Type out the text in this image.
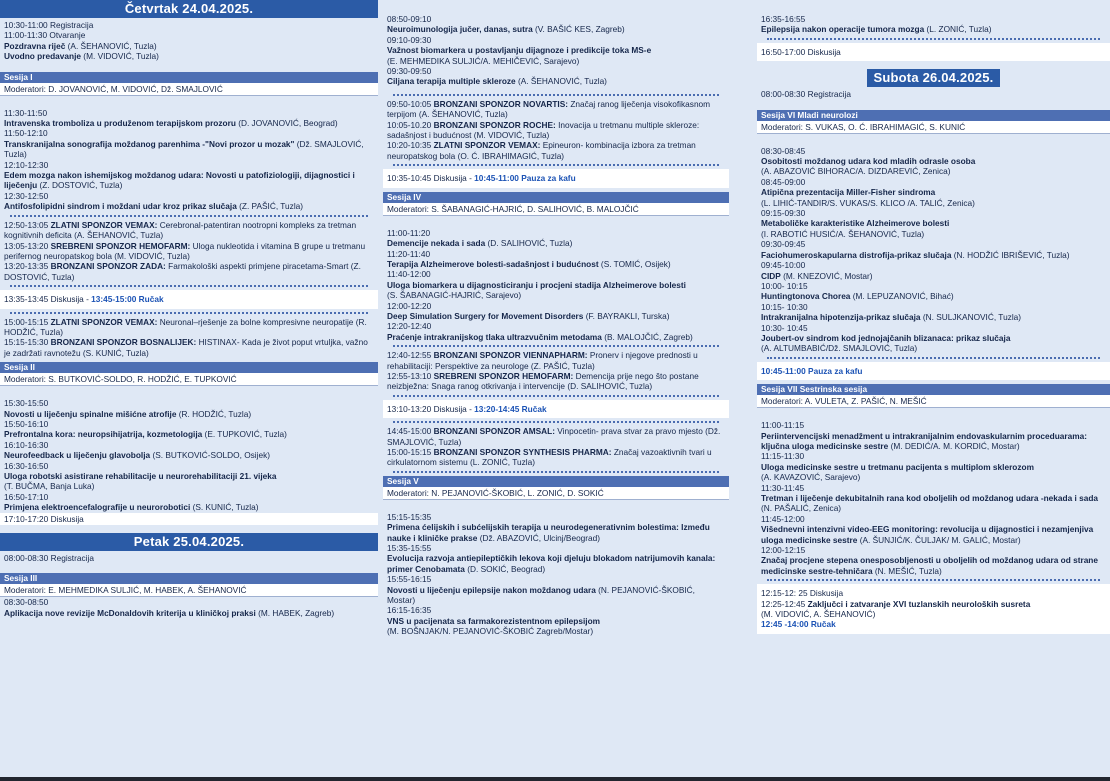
Četvrtak 24.04.2025.

10:30-11:00 Registracija

11:00-11:30 Otvaranje

Pozdravna riječ (A. ŠEHANOVIĆ, Tuzla)

Uvodno predavanje (M. VIDOVIĆ, Tuzla)

Sesija I
Moderatori: D. JOVANOVIĆ, M. VIDOVIĆ, Dž. SMAJLOVIĆ

11:30-11:50

Intravenska tromboliza u produženom terapijskom prozoru (D. JOVANOVIĆ, Beograd)

11:50-12:10

Transkranijalna sonografija moždanog parenhima -"Novi prozor u mozak" (Dž. SMAJLOVIĆ, Tuzla)

12:10-12:30

Edem mozga nakon ishemijskog moždanog udara: Novosti u patofiziologiji, dijagnostici i liječenju (Z. DOSTOVIĆ, Tuzla)

12:30-12:50

Antifosfolipidni sindrom i moždani udar kroz prikaz slučaja (Z. PAŠIĆ, Tuzla)

12:50-13:05 ZLATNI SPONZOR VEMAX: Cerebronal-patentiran nootropni kompleks za tretman kognitivnih deficita (A. ŠEHANOVIĆ, Tuzla)

13:05-13:20 SREBRENI SPONZOR HEMOFARM: Uloga nukleotida i vitamina B grupe u tretmanu perifernog neuropatskog bola (M. VIDOVIĆ, Tuzla)

13:20-13:35 BRONZANI SPONZOR ZADA: Farmakološki aspekti primjene piracetama-Smart (Z. DOSTOVIĆ, Tuzla)

13:35-13:45 Diskusija - 13:45-15:00 Ručak

15:00-15:15 ZLATNI SPONZOR VEMAX: Neuronal–rješenje za bolne kompresivne neuropatije (R. HODŽIĆ, Tuzla)

15:15-15:30 BRONZANI SPONZOR BOSNALIJEK: HISTINAX- Kada je život poput vrtuljka, važno je zadržati ravnotežu (S. KUNIĆ, Tuzla)

Sesija II
Moderatori: S. BUTKOVIĆ-SOLDO, R. HODŽIĆ, E. TUPKOVIĆ

15:30-15:50

Novosti u liječenju spinalne mišićne atrofije (R. HODŽIĆ, Tuzla)

15:50-16:10

Prefrontalna kora: neuropsihijatrija, kozmetologija (E. TUPKOVIĆ, Tuzla)

16:10-16:30

Neurofeedback u liječenju glavobolja (S. BUTKOVIĆ-SOLDO, Osijek)

16:30-16:50

Uloga robotski asistirane rehabilitacije u neurorehabilitaciji 21. vijeka

(T. BUČMA, Banja Luka)

16:50-17:10

Primjena elektroencefalografije u neurorobotici (S. KUNIĆ, Tuzla)

17:10-17:20 Diskusija
Petak 25.04.2025.
08:00-08:30 Registracija
Sesija III
Moderatori: E. MEHMEDIKA SULJIĆ, M. HABEK, A. ŠEHANOVIĆ

08:30-08:50

Aplikacija nove revizije McDonaldovih kriterija u kliničkoj praksi (M. HABEK, Zagreb)

08:50-09:10

Neuroimunologija jučer, danas, sutra (V. BAŠIĆ KES, Zagreb)

09:10-09:30

Važnost biomarkera u postavljanju dijagnoze i predikcije toka MS-e

(E. MEHMEDIKA SULJIĆ/A. MEHIČEVIĆ, Sarajevo)

09:30-09:50

Ciljana terapija multiple skleroze (A. ŠEHANOVIĆ, Tuzla)

09:50-10:05 BRONZANI SPONZOR NOVARTIS: Značaj ranog liječenja visokofikasnom terpijom (A. ŠEHANOVIĆ, Tuzla)

10:05-10.20 BRONZANI SPONZOR ROCHE: Inovacija u tretmanu multiple skleroze: sadašnjost i budućnost (M. VIDOVIĆ, Tuzla)

10:20-10:35 ZLATNI SPONZOR VEMAX: Epineuron- kombinacija izbora za tretman neuropatskog bola (O. Ć. IBRAHIMAGIĆ, Tuzla)

10:35-10:45 Diskusija - 10:45-11:00 Pauza za kafu
Sesija IV
Moderatori: S. ŠABANAGIĆ-HAJRIĆ, D. SALIHOVIĆ, B. MALOJČIĆ

11:00-11:20

Demencije nekada i sada (D. SALIHOVIĆ, Tuzla)

11:20-11:40

Terapija Alzheimerove bolesti-sadašnjost i budućnost (S. TOMIĆ, Osijek)

11:40-12:00

Uloga biomarkera u dijagnosticiranju i procjeni stadija Alzheimerove bolesti

(S. ŠABANAGIĆ-HAJRIĆ, Sarajevo)

12:00-12:20

Deep Simulation Surgery for Movement Disorders (F. BAYRAKLI, Turska)

12:20-12:40

Praćenje intrakranijskog tlaka ultrazvučnim metodama (B. MALOJČIĆ, Zagreb)

12:40-12:55 BRONZANI SPONZOR VIENNAPHARM: Pronerv i njegove prednosti u rehabilitaciji: Perspektive za neurologe (Z. PAŠIĆ, Tuzla)

12:55-13:10 SREBRENI SPONZOR HEMOFARM: Demencija prije nego što postane neizbježna: Snaga ranog otkrivanja i intervencije (D. SALIHOVIĆ, Tuzla)

13:10-13:20 Diskusija - 13:20-14:45 Ručak

14:45-15:00 BRONZANI SPONZOR AMSAL: Vinpocetin- prava stvar za pravo mjesto (Dž. SMAJLOVIĆ, Tuzla)

15:00-15:15 BRONZANI SPONZOR SYNTHESIS PHARMA: Značaj vazoaktivnih tvari u cirkulatornom sistemu (L. ZONIĆ, Tuzla)

Sesija V
Moderatori: N. PEJANOVIĆ-ŠKOBIĆ, L. ZONIĆ, D. SOKIĆ

15:15-15:35

Primena ćelijskih i subćelijskih terapija u neurodegenerativnim bolestima: Između nauke i kliničke prakse (Dž. ABAZOVIĆ, Ulcinj/Beograd)

15:35-15:55

Evolucija razvoja antiepileptičkih lekova koji djeluju blokadom natrijumovih kanala: primer Cenobamata (D. SOKIĆ, Beograd)

15:55-16:15

Novosti u liječenju epilepsije nakon moždanog udara (N. PEJANOVIĆ-ŠKOBIĆ, Mostar)

16:15-16:35

VNS u pacijenata sa farmakorezistentnom epilepsijom

(M. BOŠNJAK/N. PEJANOVIĆ-ŠKOBIĆ Zagreb/Mostar)

16:35-16:55

Epilepsija nakon operacije tumora mozga (L. ZONIĆ, Tuzla)

16:50-17:00 Diskusija
Subota 26.04.2025.
08:00-08:30 Registracija
Sesija VI Mladi neurolozi
Moderatori: S. VUKAS, O. Ć. IBRAHIMAGIĆ, S. KUNIĆ

08:30-08:45

Osobitosti moždanog udara kod mladih odrasle osoba

(A. ABAZOVIĆ BIHORAC/A. DIZDAREVIĆ, Zenica)

08:45-09:00

Atipična prezentacija Miller-Fisher sindroma

(L. LIHIĆ-TANDIR/S. VUKAS/S. KLICO /A. TALIĆ, Zenica)

09:15-09:30

Metaboličke karakteristike Alzheimerove bolesti

(I. RABOTIĆ HUSIĆ/A. ŠEHANOVIĆ, Tuzla)

09:30-09:45

Faciohumeroskapularna distrofija-prikaz slučaja (N. HODŽIĆ IBRIŠEVIĆ, Tuzla)

09:45-10:00

CIDP (M. KNEZOVIĆ, Mostar)

10:00- 10:15

Huntingtonova Chorea (M. LEPUZANOVIĆ, Bihać)

10:15- 10:30

Intrakranijalna hipotenzija-prikaz slučaja (N. SULJKANOVIĆ, Tuzla)

10:30- 10:45

Joubert-ov sindrom kod jednojajčanih blizanaca: prikaz slučaja

(A. ALTUMBABIĆ/Dž. SMAJLOVIĆ, Tuzla)

10:45-11:00 Pauza za kafu
Sesija VII Sestrinska sesija
Moderatori: A. VULETA, Z. PAŠIĆ, N. MEŠIĆ

11:00-11:15

Periintervencijski menadžment u intrakranijalnim endovaskularnim proceduarama: ključna uloga medicinske sestre (M. DEDIĆ/A. M. KORDIĆ, Mostar)

11:15-11:30

Uloga medicinske sestre u tretmanu pacijenta s multiplom sklerozom

(A. KAVAZOVIĆ, Sarajevo)

11:30-11:45

Tretman i liječenje dekubitalnih rana kod oboljelih od moždanog udara -nekada i sada (N. PAŠALIĆ, Zenica)

11:45-12:00

Višednevni intenzivni video-EEG monitoring: revolucija u dijagnostici i nezamjenjiva uloga medicinske sestre (A. ŠUNJIĆ/K. ČULJAK/ M. GALIĆ, Mostar)

12:00-12:15

Značaj procjene stepena onesposobljenosti u oboljelih od moždanog udara od strane medicinske sestre-tehničara (N. MEŠIĆ, Tuzla)

12:15-12: 25 Diskusija

12:25-12:45 Zaključci i zatvaranje XVI tuzlanskih neuroloških susreta

(M. VIDOVIĆ, A. ŠEHANOVIĆ)

12:45 -14:00 Ručak
